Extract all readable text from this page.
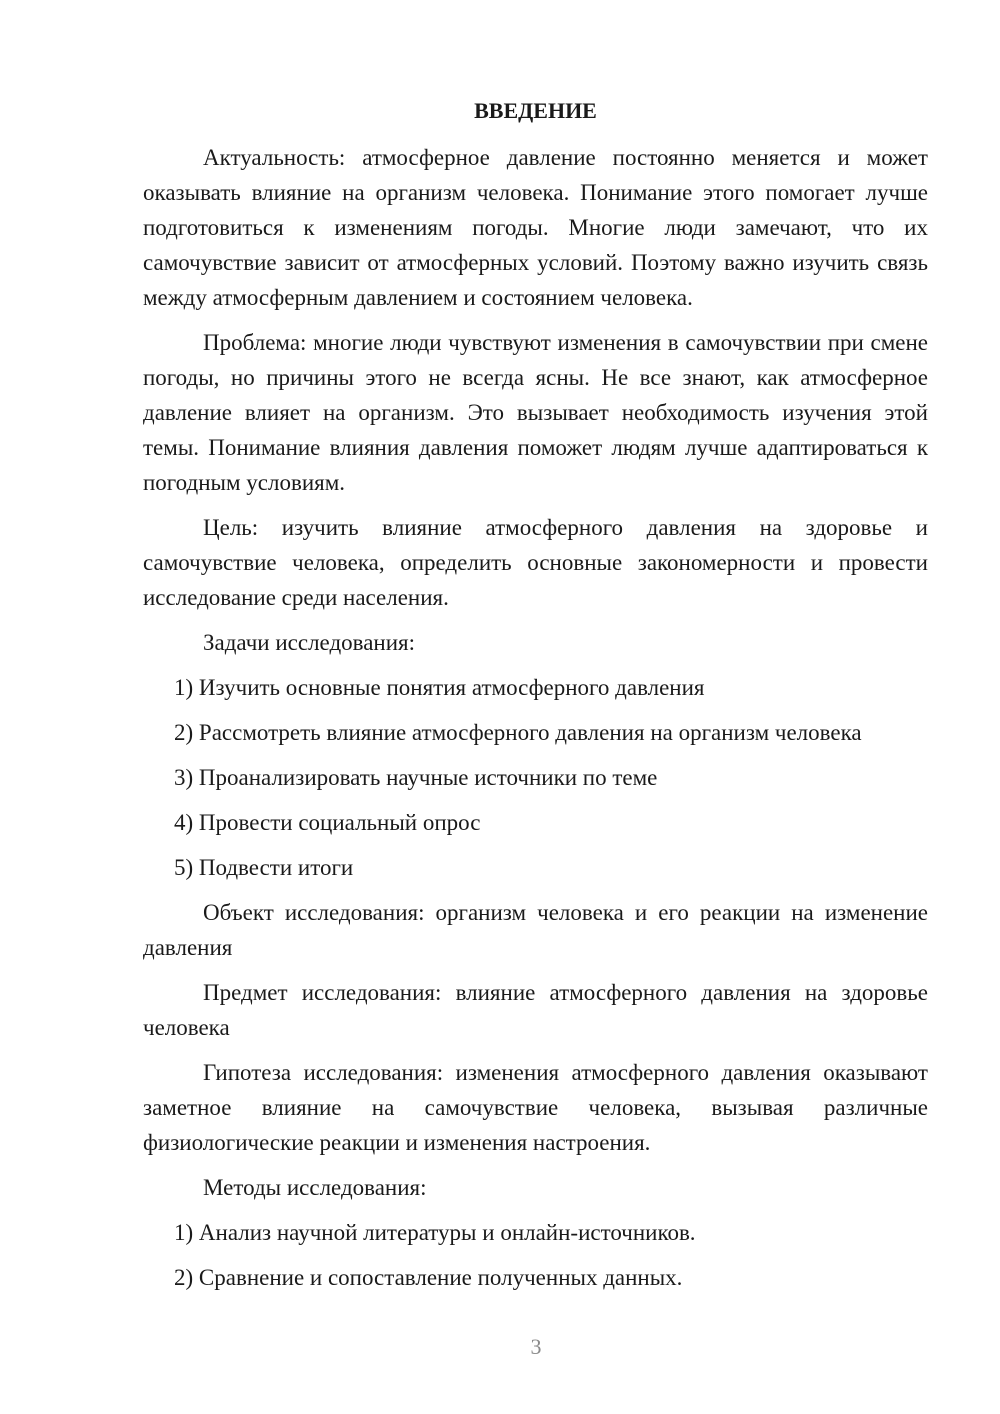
ВВЕДЕНИЕ

Актуальность: атмосферное давление постоянно меняется и может оказывать влияние на организм человека. Понимание этого помогает лучше подготовиться к изменениям погоды. Многие люди замечают, что их самочувствие зависит от атмосферных условий. Поэтому важно изучить связь между атмосферным давлением и состоянием человека.

Проблема: многие люди чувствуют изменения в самочувствии при смене погоды, но причины этого не всегда ясны. Не все знают, как атмосферное давление влияет на организм. Это вызывает необходимость изучения этой темы. Понимание влияния давления поможет людям лучше адаптироваться к погодным условиям.

Цель: изучить влияние атмосферного давления на здоровье и самочувствие человека, определить основные закономерности и провести исследование среди населения.

Задачи исследования:

1) Изучить основные понятия атмосферного давления

2) Рассмотреть влияние атмосферного давления на организм человека

3) Проанализировать научные источники по теме

4) Провести социальный опрос

5) Подвести итоги

Объект исследования: организм человека и его реакции на изменение давления

Предмет исследования: влияние атмосферного давления на здоровье человека

Гипотеза исследования: изменения атмосферного давления оказывают заметное влияние на самочувствие человека, вызывая различные физиологические реакции и изменения настроения.

Методы исследования:

1) Анализ научной литературы и онлайн-источников.

2) Сравнение и сопоставление полученных данных.

3
